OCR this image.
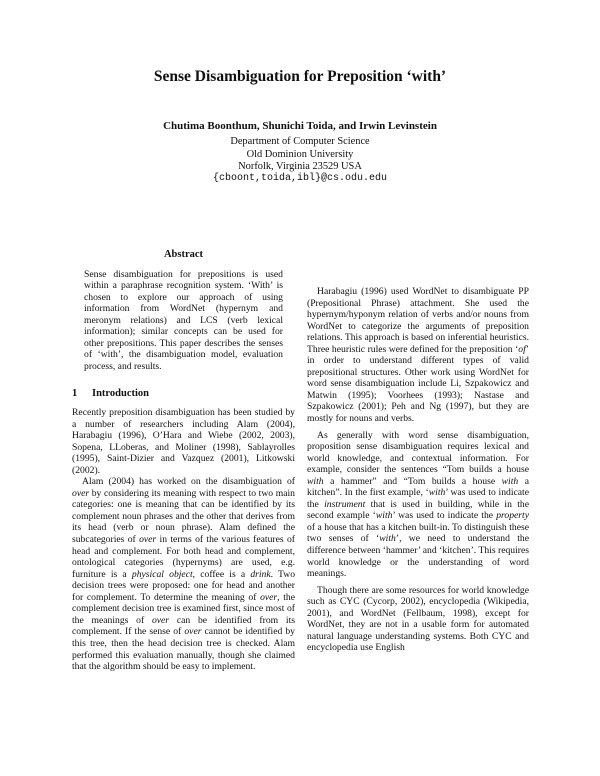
Sense Disambiguation for Preposition ‘with’
Chutima Boonthum, Shunichi Toida, and Irwin Levinstein
Department of Computer Science
Old Dominion University
Norfolk, Virginia 23529 USA
{cboont,toida,ibl}@cs.odu.edu
Abstract

Sense disambiguation for prepositions is used within a paraphrase recognition system. ‘With’ is chosen to explore our approach of using information from WordNet (hypernym and meronym relations) and LCS (verb lexical information); similar concepts can be used for other prepositions. This paper describes the senses of ‘with’, the disambiguation model, evaluation process, and results.

1 Introduction

Recently preposition disambiguation has been studied by a number of researchers including Alam (2004), Harabagiu (1996), O’Hara and Wiebe (2002, 2003), Sopena, LLoberas, and Moliner (1998), Sablayrolles (1995), Saint-Dizier and Vazquez (2001), Litkowski (2002).

Alam (2004) has worked on the disambiguation of over by considering its meaning with respect to two main categories: one is meaning that can be identified by its complement noun phrases and the other that derives from its head (verb or noun phrase). Alam defined the subcategories of over in terms of the various features of head and complement. For both head and complement, ontological categories (hypernyms) are used, e.g. furniture is a physical object, coffee is a drink. Two decision trees were proposed: one for head and another for complement. To determine the meaning of over, the complement decision tree is examined first, since most of the meanings of over can be identified from its complement. If the sense of over cannot be identified by this tree, then the head decision tree is checked. Alam performed this evaluation manually, though she claimed that the algorithm should be easy to implement.

Harabagiu (1996) used WordNet to disambiguate PP (Prepositional Phrase) attachment. She used the hypernym/hyponym relation of verbs and/or nouns from WordNet to categorize the arguments of preposition relations. This approach is based on inferential heuristics. Three heuristic rules were defined for the preposition ‘of’ in order to understand different types of valid prepositional structures. Other work using WordNet for word sense disambiguation include Li, Szpakowicz and Matwin (1995); Voorhees (1993); Nastase and Szpakowicz (2001); Peh and Ng (1997), but they are mostly for nouns and verbs.

As generally with word sense disambiguation, proposition sense disambiguation requires lexical and world knowledge, and contextual information. For example, consider the sentences “Tom builds a house with a hammer” and “Tom builds a house with a kitchen”. In the first example, ‘with’ was used to indicate the instrument that is used in building, while in the second example ‘with’ was used to indicate the property of a house that has a kitchen built-in. To distinguish these two senses of ‘with’, we need to understand the difference between ‘hammer’ and ‘kitchen’. This requires world knowledge or the understanding of word meanings.

Though there are some resources for world knowledge such as CYC (Cycorp, 2002), encyclopedia (Wikipedia, 2001), and WordNet (Fellbaum, 1998), except for WordNet, they are not in a usable form for automated natural language understanding systems. Both CYC and encyclopedia use English
